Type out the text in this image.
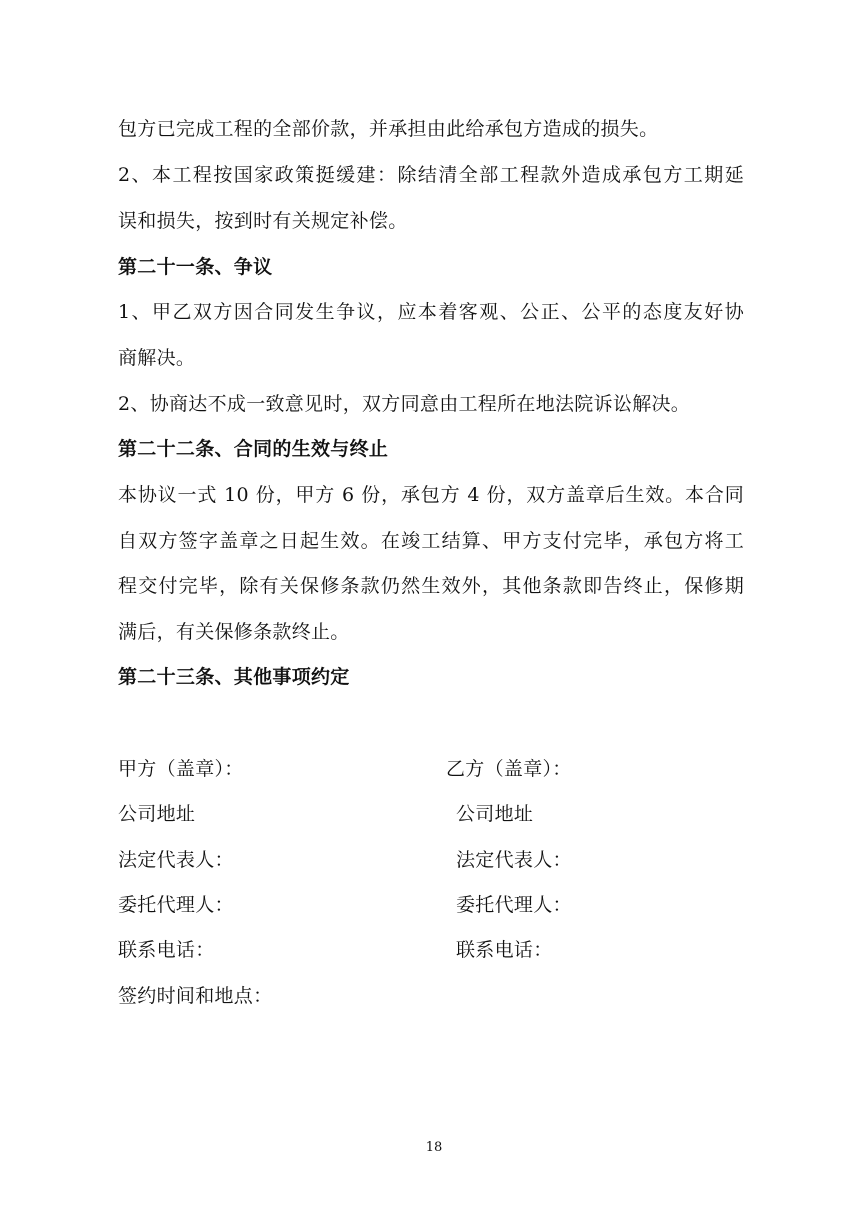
包方已完成工程的全部价款，并承担由此给承包方造成的损失。
2、本工程按国家政策挺缓建：除结清全部工程款外造成承包方工期延
误和损失，按到时有关规定补偿。
第二十一条、争议
1、甲乙双方因合同发生争议，应本着客观、公正、公平的态度友好协
商解决。
2、协商达不成一致意见时，双方同意由工程所在地法院诉讼解决。
第二十二条、合同的生效与终止
本协议一式 10 份，甲方 6 份，承包方 4 份，双方盖章后生效。本合同
自双方签字盖章之日起生效。在竣工结算、甲方支付完毕，承包方将工
程交付完毕，除有关保修条款仍然生效外，其他条款即告终止，保修期
满后，有关保修条款终止。
第二十三条、其他事项约定
甲方（盖章）：
公司地址
法定代表人：
委托代理人：
联系电话：
乙方（盖章）：
公司地址
法定代表人：
委托代理人：
联系电话：
签约时间和地点：
18
